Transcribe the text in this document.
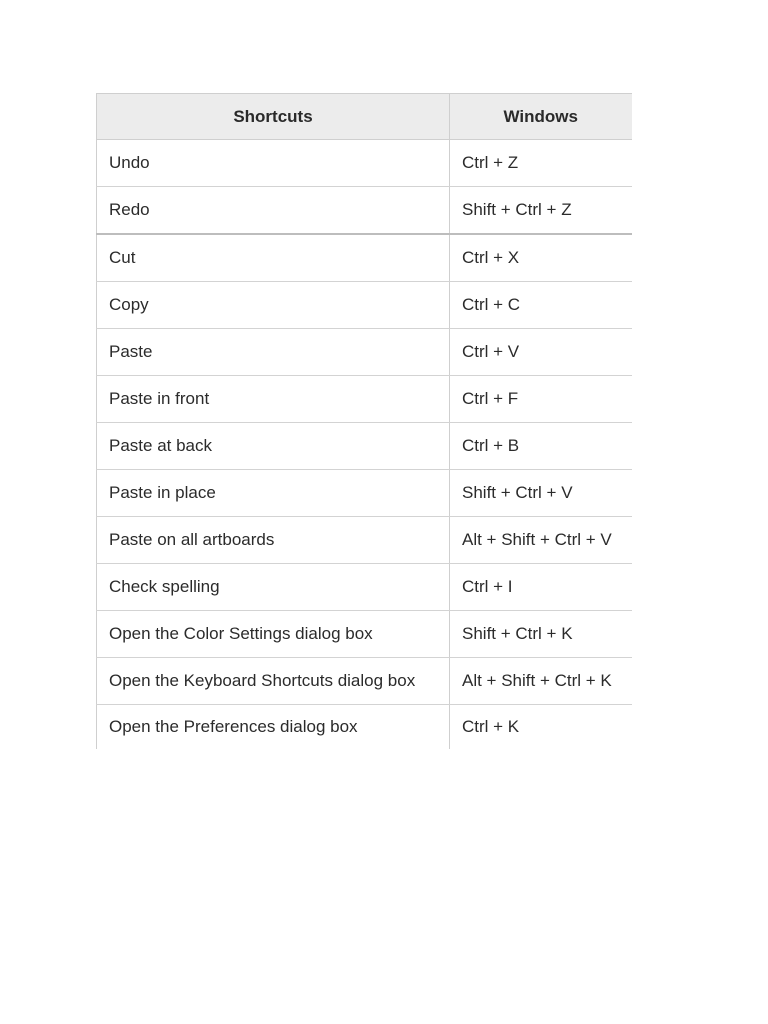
Shortcuts	Windows
Undo	Ctrl + Z
Redo	Shift + Ctrl + Z
Cut	Ctrl + X
Copy	Ctrl + C
Paste	Ctrl + V
Paste in front	Ctrl + F
Paste at back	Ctrl + B
Paste in place	Shift + Ctrl + V
Paste on all artboards	Alt + Shift + Ctrl + V
Check spelling	Ctrl + I
Open the Color Settings dialog box	Shift + Ctrl + K
Open the Keyboard Shortcuts dialog box	Alt + Shift + Ctrl + K
Open the Preferences dialog box	Ctrl + K
